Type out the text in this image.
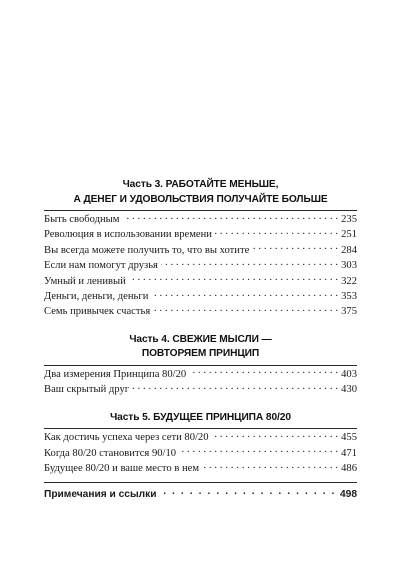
Часть 3. РАБОТАЙТЕ МЕНЬШЕ,
А ДЕНЕГ И УДОВОЛЬСТВИЯ ПОЛУЧАЙТЕ БОЛЬШЕ
Быть свободным . . .	235
Революция в использовании времени . . .	251
Вы всегда можете получить то, что вы хотите . . .	284
Если нам помогут друзья . . .	303
Умный и ленивый . . .	322
Деньги, деньги, деньги . . .	353
Семь привычек счастья . . .	375
Часть 4. СВЕЖИЕ МЫСЛИ —
ПОВТОРЯЕМ ПРИНЦИП
Два измерения Принципа 80/20 . . .	403
Ваш скрытый друг . . .	430
Часть 5. БУДУЩЕЕ ПРИНЦИПА 80/20
Как достичь успеха через сети 80/20 . . .	455
Когда 80/20 становится 90/10 . . .	471
Будущее 80/20 и ваше место в нем . . .	486
Примечания и ссылки . . .	498
